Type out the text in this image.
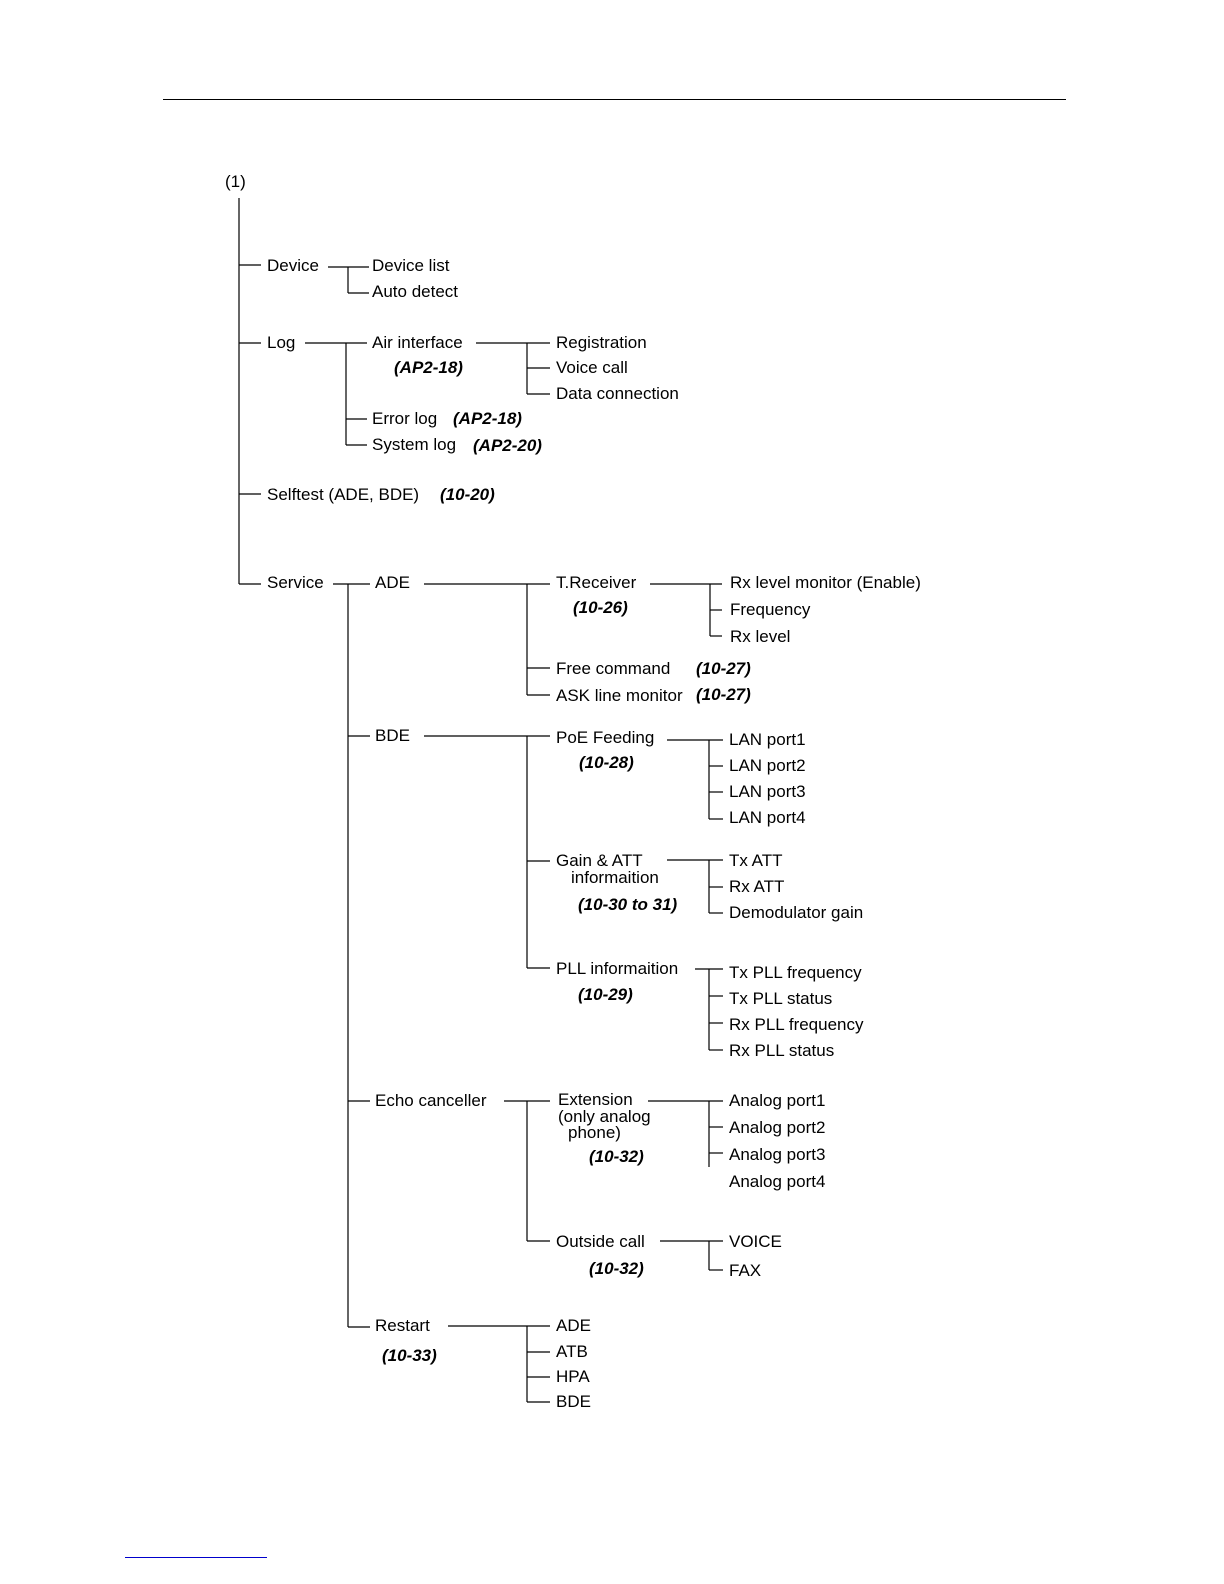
(1)
Device	Device list
Auto detect
Log	Air interface
(AP2-18)
Registration
Voice call
Data connection
Error log (AP2-18)
System log (AP2-20)
Selftest (ADE, BDE) (10-20)
Service	ADE	T.Receiver
(10-26)
Rx level monitor (Enable)
Frequency
Rx level
Free command (10-27)
ASK line monitor (10-27)
BDE	PoE Feeding
(10-28)
LAN port1
LAN port2
LAN port3
LAN port4
Gain & ATT
informaition
(10-30 to 31)
Tx ATT
Rx ATT
Demodulator gain
PLL informaition
(10-29)
Tx PLL frequency
Tx PLL status
Rx PLL frequency
Rx PLL status
Echo canceller	Extension
(only analog
phone)
(10-32)
Analog port1
Analog port2
Analog port3
Analog port4
Outside call
(10-32)
VOICE
FAX
Restart
(10-33)
ADE
ATB
HPA
BDE
